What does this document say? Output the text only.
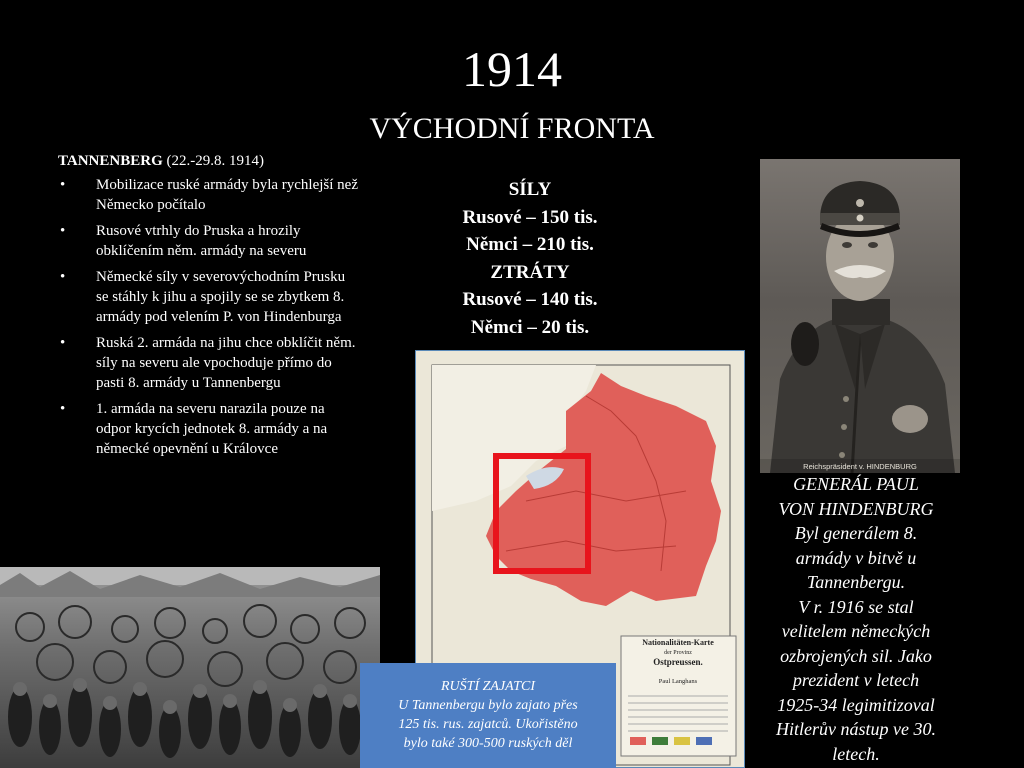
1914
VÝCHODNÍ FRONTA
TANNENBERG (22.-29.8. 1914)
• Mobilizace ruské armády byla rychlejší než Německo počítalo
• Rusové vtrhly do Pruska a hrozily obklíčením něm. armády na severu
• Německé síly v severovýchodním Prusku se stáhly k jihu a spojily se se zbytkem 8. armády pod velením P. von Hindenburga
• Ruská 2. armáda na jihu chce obklíčit něm. síly na severu ale vpochoduje přímo do pasti 8. armády u Tannenbergu
• 1. armáda na severu narazila pouze na odpor krycích jednotek 8. armády a na německé opevnění u Královce
SÍLY
Rusové – 150 tis.
Němci – 210 tis.
ZTRÁTY
Rusové – 140 tis.
Němci – 20 tis.
Reichspräsident v. HINDENBURG
GENERÁL PAUL
VON HINDENBURG
Byl generálem 8.
armády v bitvě u
Tannenbergu.
V r. 1916 se stal
velitelem německých
ozbrojených sil. Jako
prezident v letech
1925-34 legimitizoval
Hitlerův nástup ve 30.
letech.
Nationalitäten-Karte
der Provinz
Ostpreussen.
Paul Langhans
RUŠTÍ ZAJATCI
U Tannenbergu bylo zajato přes
125 tis. rus. zajatců. Ukořistěno
bylo také 300-500 ruských děl
